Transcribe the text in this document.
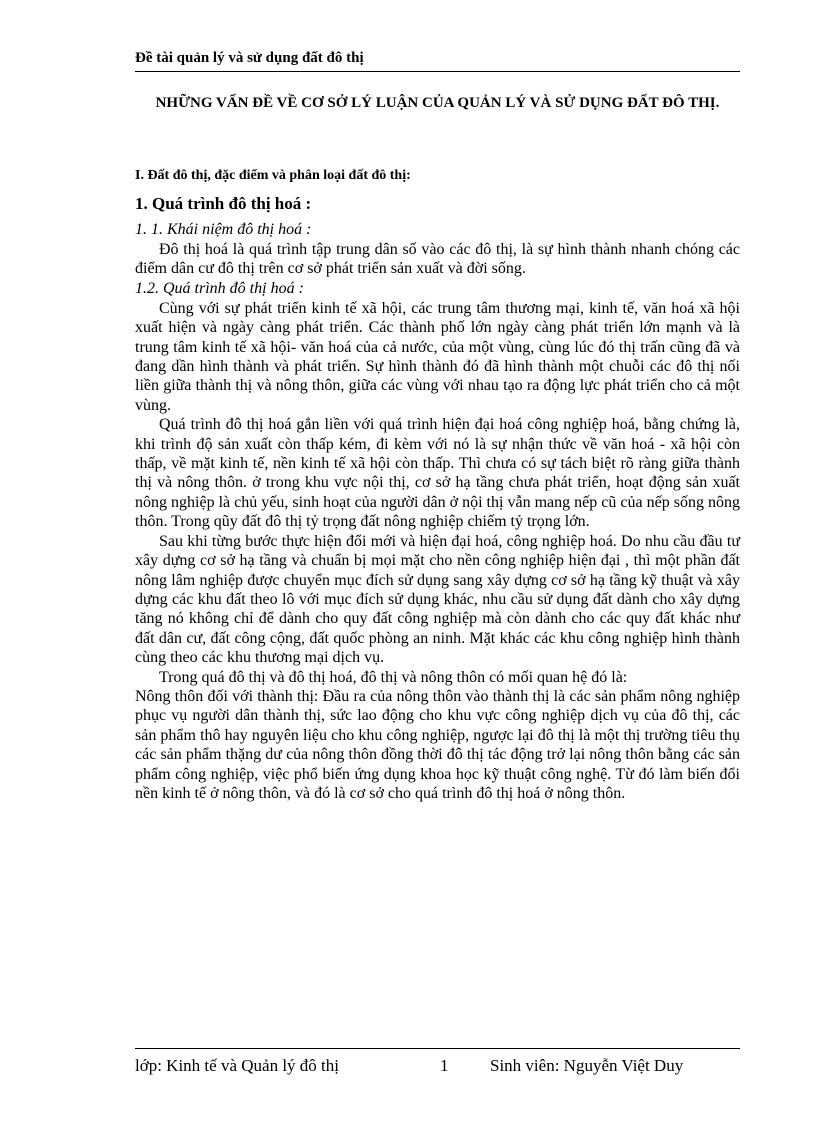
Đề tài quản lý và sử dụng đất đô thị
NHỮNG VẤN ĐỀ VỀ CƠ SỞ LÝ LUẬN CỦA QUẢN LÝ VÀ SỬ DỤNG ĐẤT ĐÔ THỊ.

I. Đất đô thị, đặc điểm và phân loại đất đô thị:

1. Quá trình đô thị hoá :

1. 1. Khái niệm đô thị hoá :

Đô thị hoá là quá trình tập trung dân số vào các đô thị, là sự hình thành nhanh chóng các điểm dân cư đô thị trên cơ sở phát triển sản xuất và đời sống.

1.2. Quá trình đô thị hoá :

Cùng với sự phát triển kinh tế xã hội, các trung tâm thương mại, kinh tế, văn hoá xã hội xuất hiện và ngày càng phát triển. Các thành phố lớn ngày càng phát triển lớn mạnh và là trung tâm kinh tế xã hội- văn hoá của cả nước, của một vùng, cùng lúc đó thị trấn cũng đã và đang dần hình thành và phát triển. Sự hình thành đó đã hình thành một chuỗi các đô thị nối liền giữa thành thị và nông thôn, giữa các vùng với nhau tạo ra động lực phát triển cho cả một vùng.

Quá trình đô thị hoá gắn liền với quá trình hiện đại hoá công nghiệp hoá, bằng chứng là, khi trình độ sản xuất còn thấp kém, đi kèm với nó là sự nhận thức về văn hoá - xã hội còn thấp, về mặt kinh tế, nền kinh tế xã hội còn thấp. Thì chưa có sự tách biệt rõ ràng giữa thành thị và nông thôn. ở trong khu vực nội thị, cơ sở hạ tầng chưa phát triển, hoạt động sản xuất nông nghiệp là chủ yếu, sinh hoạt của người dân ở nội thị vẫn mang nếp cũ của nếp sống nông thôn. Trong qũy đất đô thị tỷ trọng đất nông nghiệp chiếm tỷ trọng lớn.

Sau khi từng bước thực hiện đổi mới và hiện đại hoá, công nghiệp hoá. Do nhu cầu đầu tư xây dựng cơ sở hạ tầng và chuẩn bị mọi mặt cho nền công nghiệp hiện đại , thì một phần đất nông lâm nghiệp được chuyển mục đích sử dụng sang xây dựng cơ sở hạ tầng kỹ thuật và xây dựng các khu đất theo lô với mục đích sử dụng khác, nhu cầu sử dụng đất dành cho xây dựng tăng nó không chỉ để dành cho quy đất công nghiệp mà còn dành cho các quy đất khác như đất dân cư, đất công cộng, đất quốc phòng an ninh. Mặt khác các khu công nghiệp hình thành cùng theo các khu thương mại dịch vụ.

Trong quá đô thị và đô thị hoá, đô thị và nông thôn có mối quan hệ đó là:

Nông thôn đối với thành thị: Đầu ra của nông thôn vào thành thị là các sản phẩm nông nghiệp phục vụ người dân thành thị, sức lao động cho khu vực công nghiệp dịch vụ của đô thị, các sản phẩm thô hay nguyên liệu cho khu công nghiệp, ngược lại đô thị là một thị trường tiêu thụ các sản phẩm thặng dư của nông thôn đồng thời đô thị tác động trở lại nông thôn bằng các sản phẩm công nghiệp, việc phổ biến ứng dụng khoa học kỹ thuật công nghệ. Từ đó làm biến đổi nền kinh tế ở nông thôn, và đó là cơ sở cho quá trình đô thị hoá ở nông thôn.

lớp: Kinh tế và Quản lý đô thị	1 Sinh viên: Nguyễn Việt Duy
